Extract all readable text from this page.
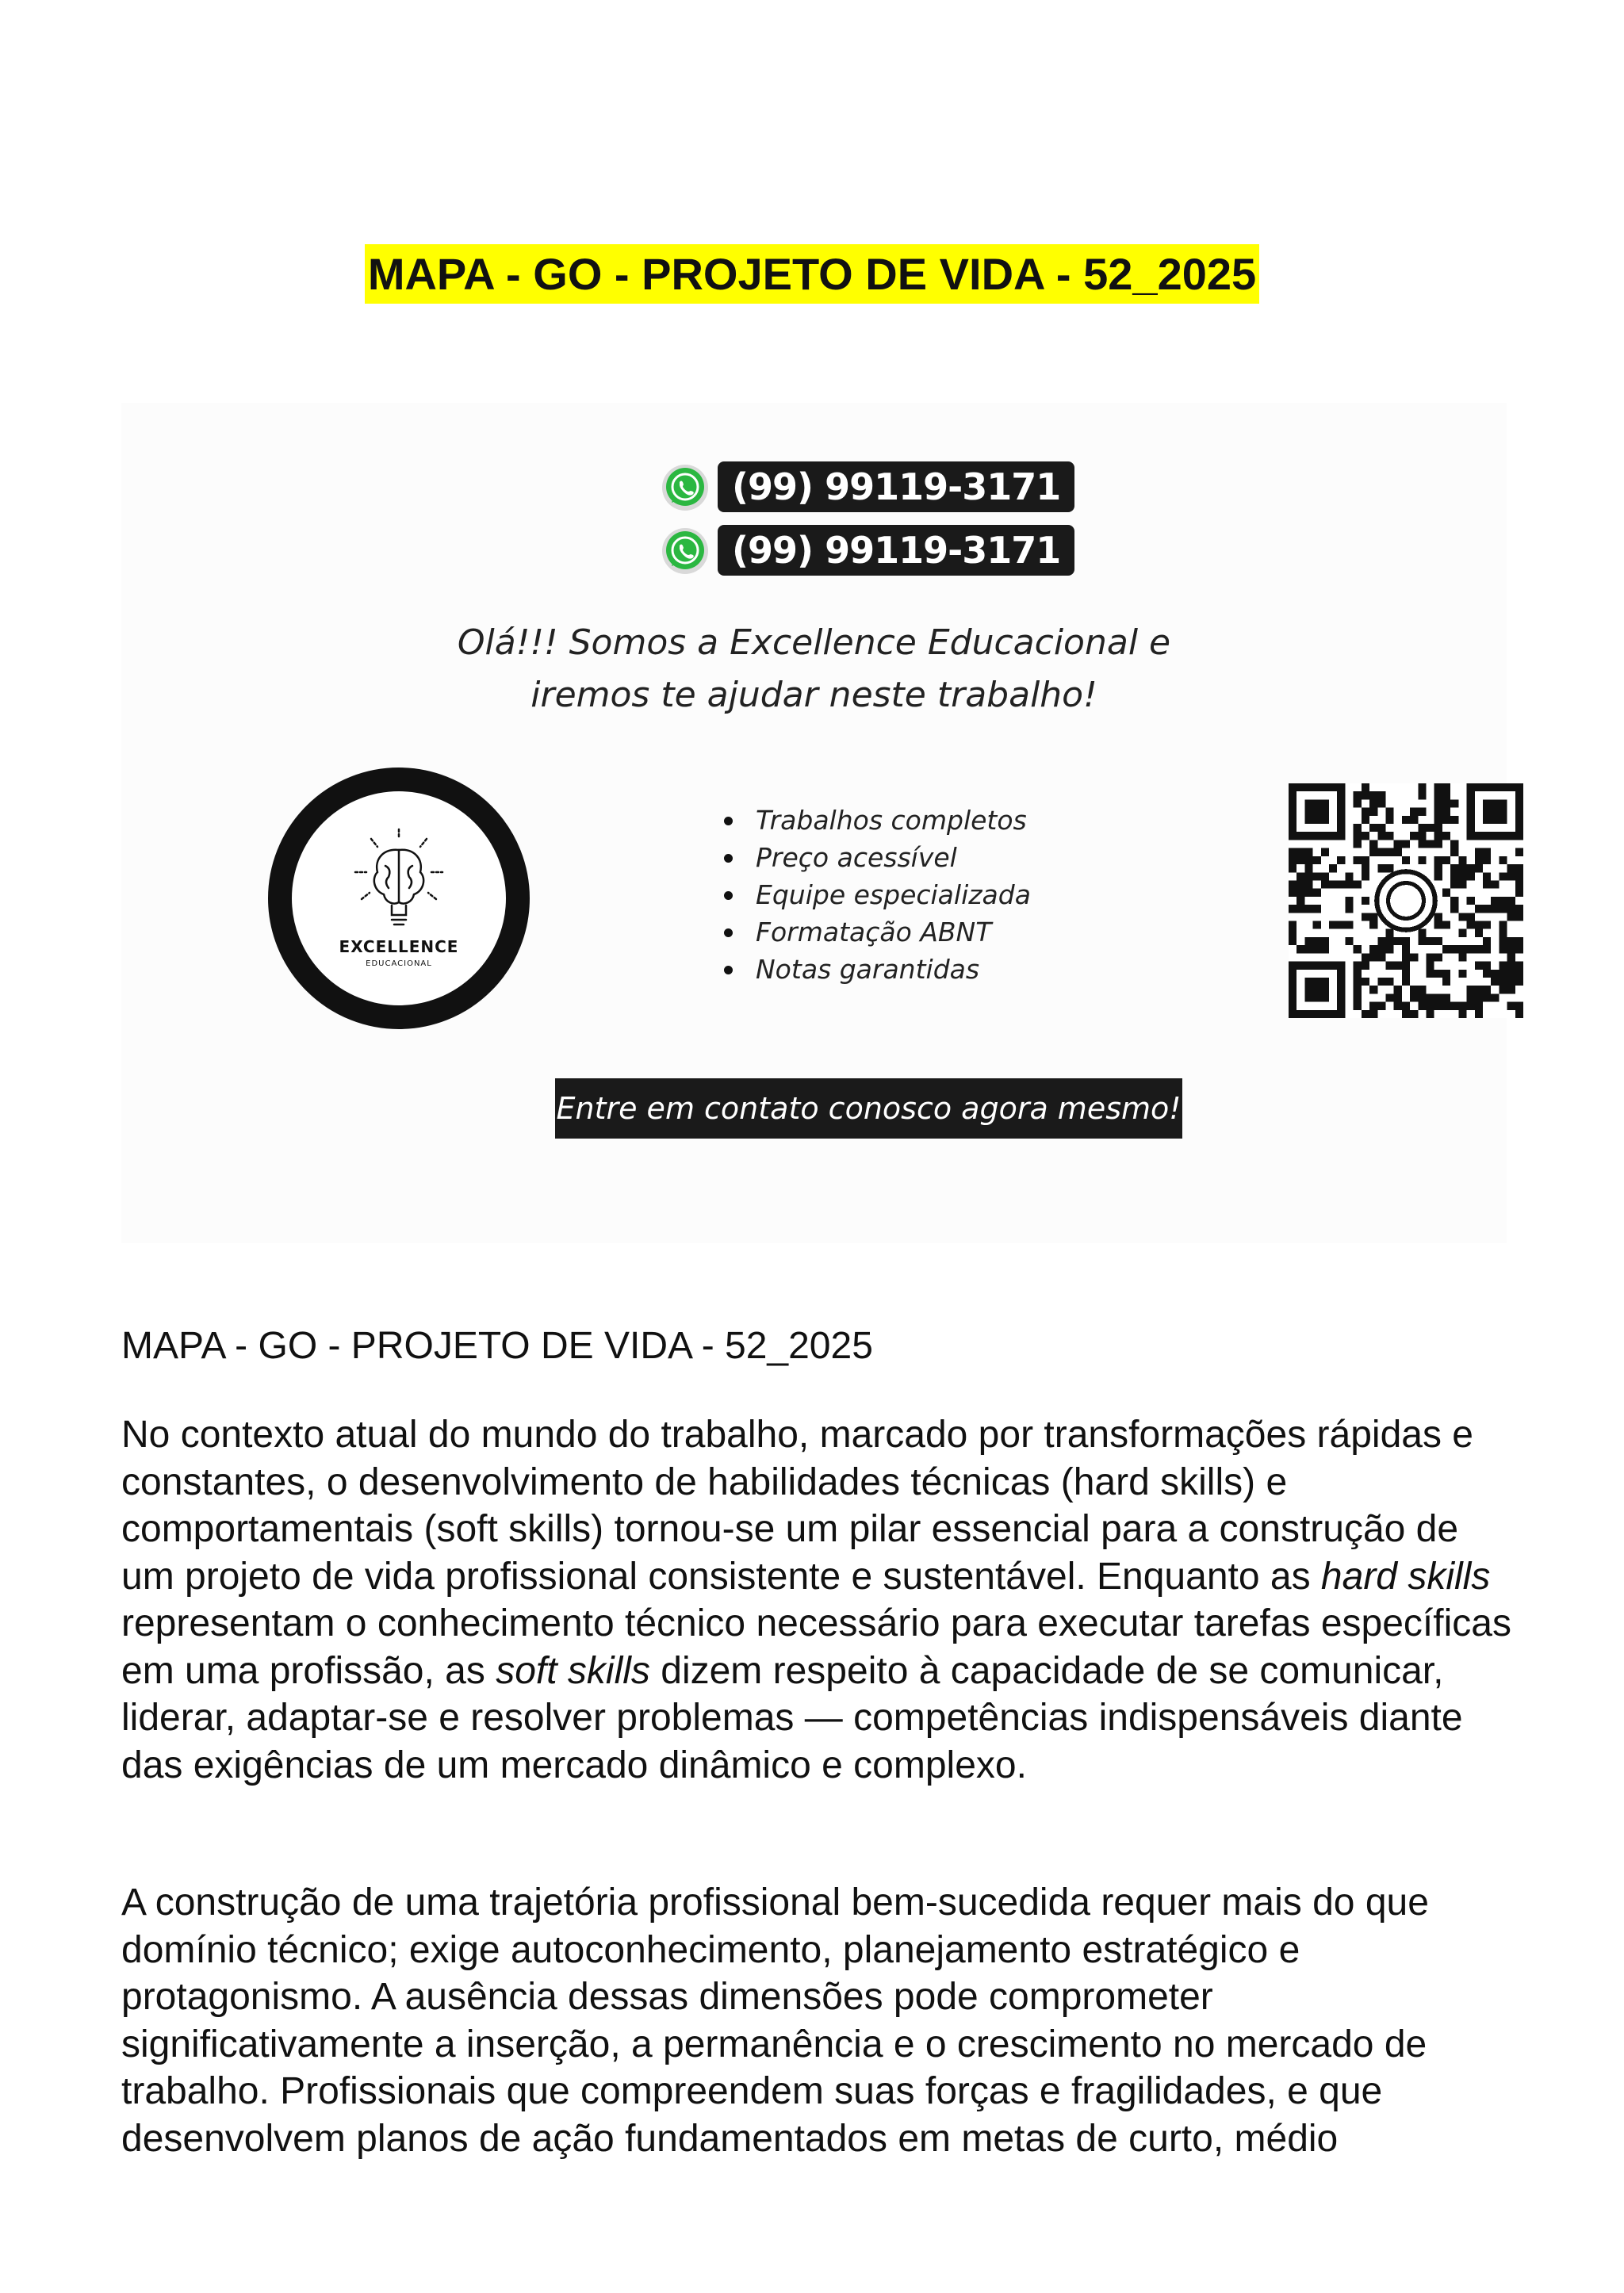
MAPA - GO - PROJETO DE VIDA - 52_2025
(99) 99119-3171
(99) 99119-3171
Olá!!! Somos a Excellence Educacional e
iremos te ajudar neste trabalho!
EXCELLENCE
EDUCACIONAL
Trabalhos completos
Preço acessível
Equipe especializada
Formatação ABNT
Notas garantidas
Entre em contato conosco agora mesmo!
MAPA - GO - PROJETO DE VIDA - 52_2025

No contexto atual do mundo do trabalho, marcado por transformações rápidas e constantes, o desenvolvimento de habilidades técnicas (hard skills) e comportamentais (soft skills) tornou-se um pilar essencial para a construção de um projeto de vida profissional consistente e sustentável. Enquanto as hard skills representam o conhecimento técnico necessário para executar tarefas específicas em uma profissão, as soft skills dizem respeito à capacidade de se comunicar, liderar, adaptar-se e resolver problemas — competências indispensáveis diante das exigências de um mercado dinâmico e complexo.

A construção de uma trajetória profissional bem-sucedida requer mais do que domínio técnico; exige autoconhecimento, planejamento estratégico e protagonismo. A ausência dessas dimensões pode comprometer significativamente a inserção, a permanência e o crescimento no mercado de trabalho. Profissionais que compreendem suas forças e fragilidades, e que desenvolvem planos de ação fundamentados em metas de curto, médio
